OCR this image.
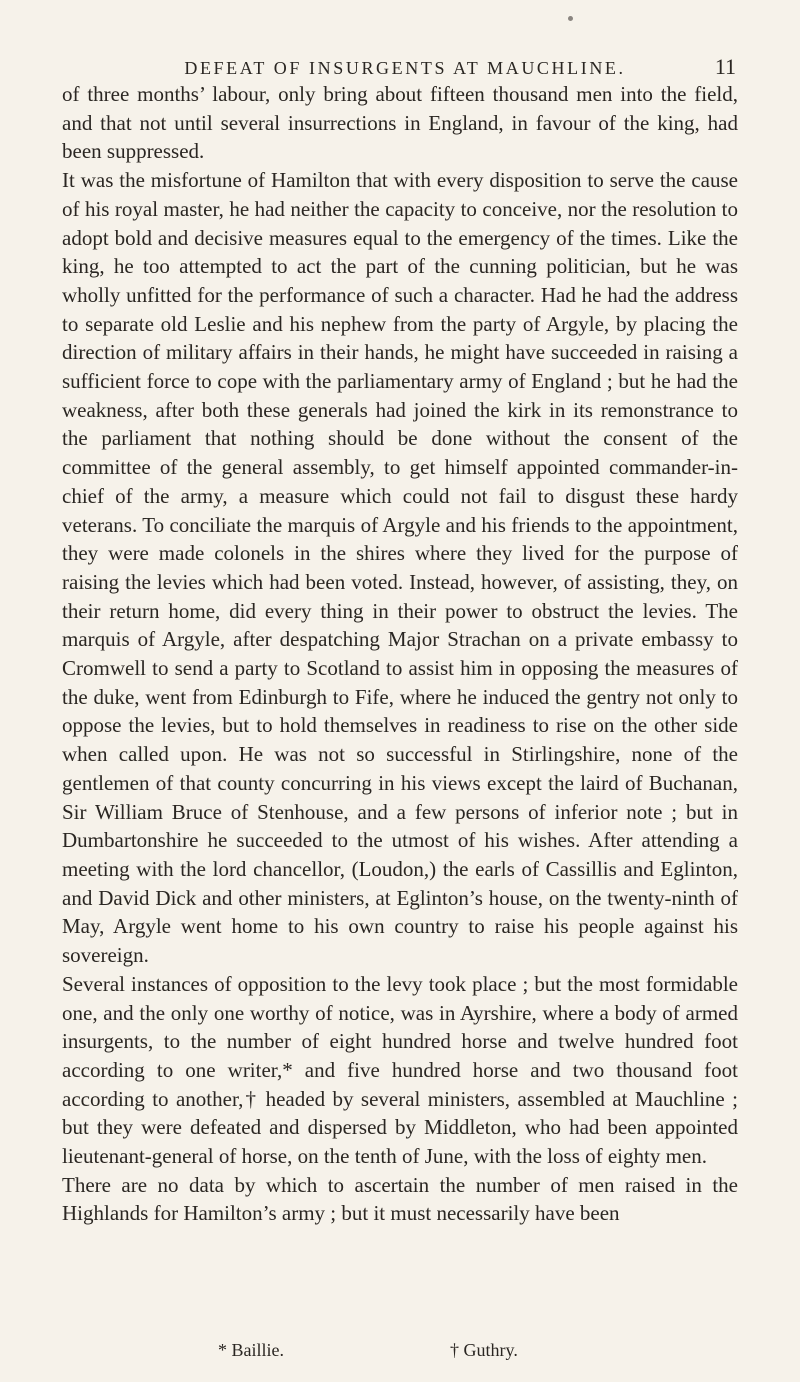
DEFEAT OF INSURGENTS AT MAUCHLINE.	11

of three months’ labour, only bring about fifteen thousand men into the field, and that not until several insurrections in England, in favour of the king, had been suppressed.

It was the misfortune of Hamilton that with every disposition to serve the cause of his royal master, he had neither the capacity to conceive, nor the resolution to adopt bold and decisive measures equal to the emergency of the times. Like the king, he too attempted to act the part of the cunning politician, but he was wholly unfitted for the performance of such a character. Had he had the address to separate old Leslie and his nephew from the party of Argyle, by placing the direction of military affairs in their hands, he might have succeeded in raising a sufficient force to cope with the parliamentary army of England ; but he had the weakness, after both these generals had joined the kirk in its remonstrance to the parliament that nothing should be done without the consent of the committee of the general assembly, to get himself appointed commander-in-chief of the army, a measure which could not fail to disgust these hardy veterans. To conciliate the marquis of Argyle and his friends to the appointment, they were made colonels in the shires where they lived for the purpose of raising the levies which had been voted. Instead, however, of assisting, they, on their return home, did every thing in their power to obstruct the levies. The marquis of Argyle, after despatching Major Strachan on a private embassy to Cromwell to send a party to Scotland to assist him in opposing the measures of the duke, went from Edinburgh to Fife, where he induced the gentry not only to oppose the levies, but to hold themselves in readiness to rise on the other side when called upon. He was not so successful in Stirlingshire, none of the gentlemen of that county concurring in his views except the laird of Buchanan, Sir William Bruce of Stenhouse, and a few persons of inferior note ; but in Dumbartonshire he succeeded to the utmost of his wishes. After attending a meeting with the lord chancellor, (Loudon,) the earls of Cassillis and Eglinton, and David Dick and other ministers, at Eglinton’s house, on the twenty-ninth of May, Argyle went home to his own country to raise his people against his sovereign.

Several instances of opposition to the levy took place ; but the most formidable one, and the only one worthy of notice, was in Ayrshire, where a body of armed insurgents, to the number of eight hundred horse and twelve hundred foot according to one writer,* and five hundred horse and two thousand foot according to another,† headed by several ministers, assembled at Mauchline ; but they were defeated and dispersed by Middleton, who had been appointed lieutenant-general of horse, on the tenth of June, with the loss of eighty men.

There are no data by which to ascertain the number of men raised in the Highlands for Hamilton’s army ; but it must necessarily have been

* Baillie.	† Guthry.
